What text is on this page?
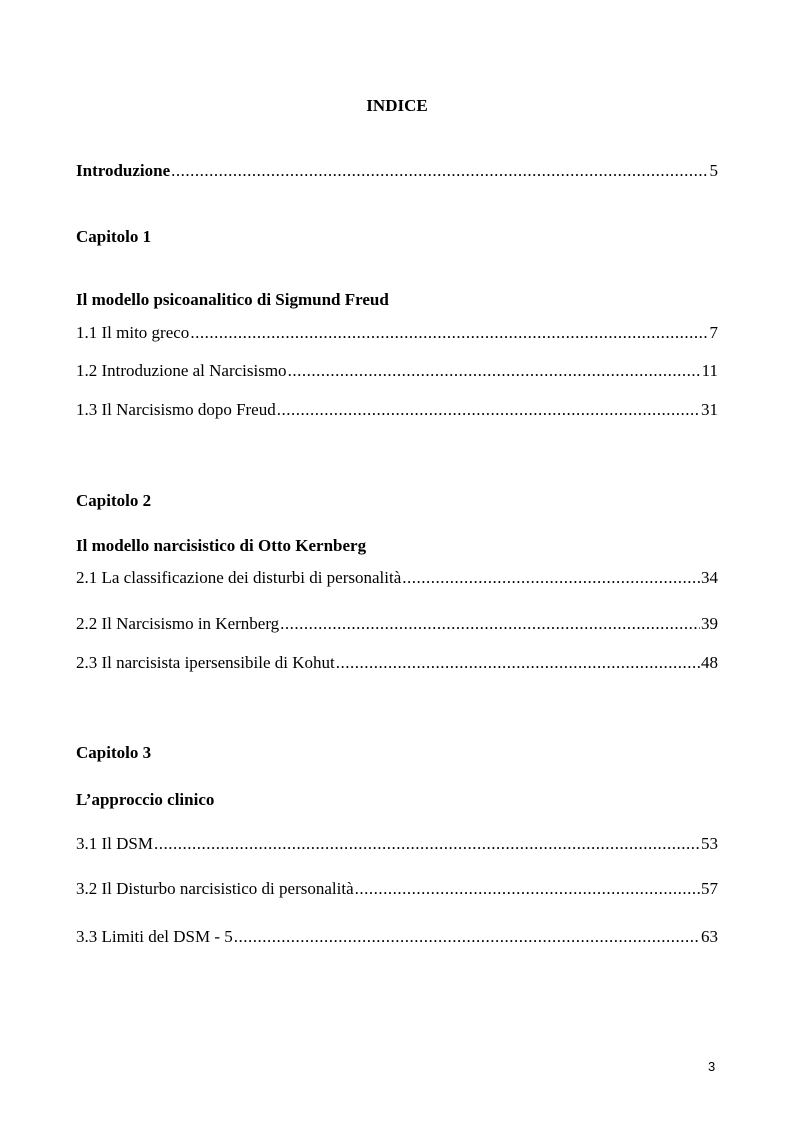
INDICE
Introduzione .....	5
Capitolo 1
Il modello psicoanalitico di Sigmund Freud
1.1 Il mito greco .....	7
1.2 Introduzione al Narcisismo .....	11
1.3 Il Narcisismo dopo Freud .....	31
Capitolo 2
Il modello narcisistico di Otto Kernberg
2.1 La classificazione dei disturbi di personalità .....	34
2.2 Il Narcisismo in Kernberg .....	39
2.3 Il narcisista ipersensibile di Kohut .....	48
Capitolo 3
L’approccio clinico
3.1 Il DSM .....	53
3.2 Il Disturbo narcisistico di personalità .....	57
3.3 Limiti del DSM - 5 .....	63
3
